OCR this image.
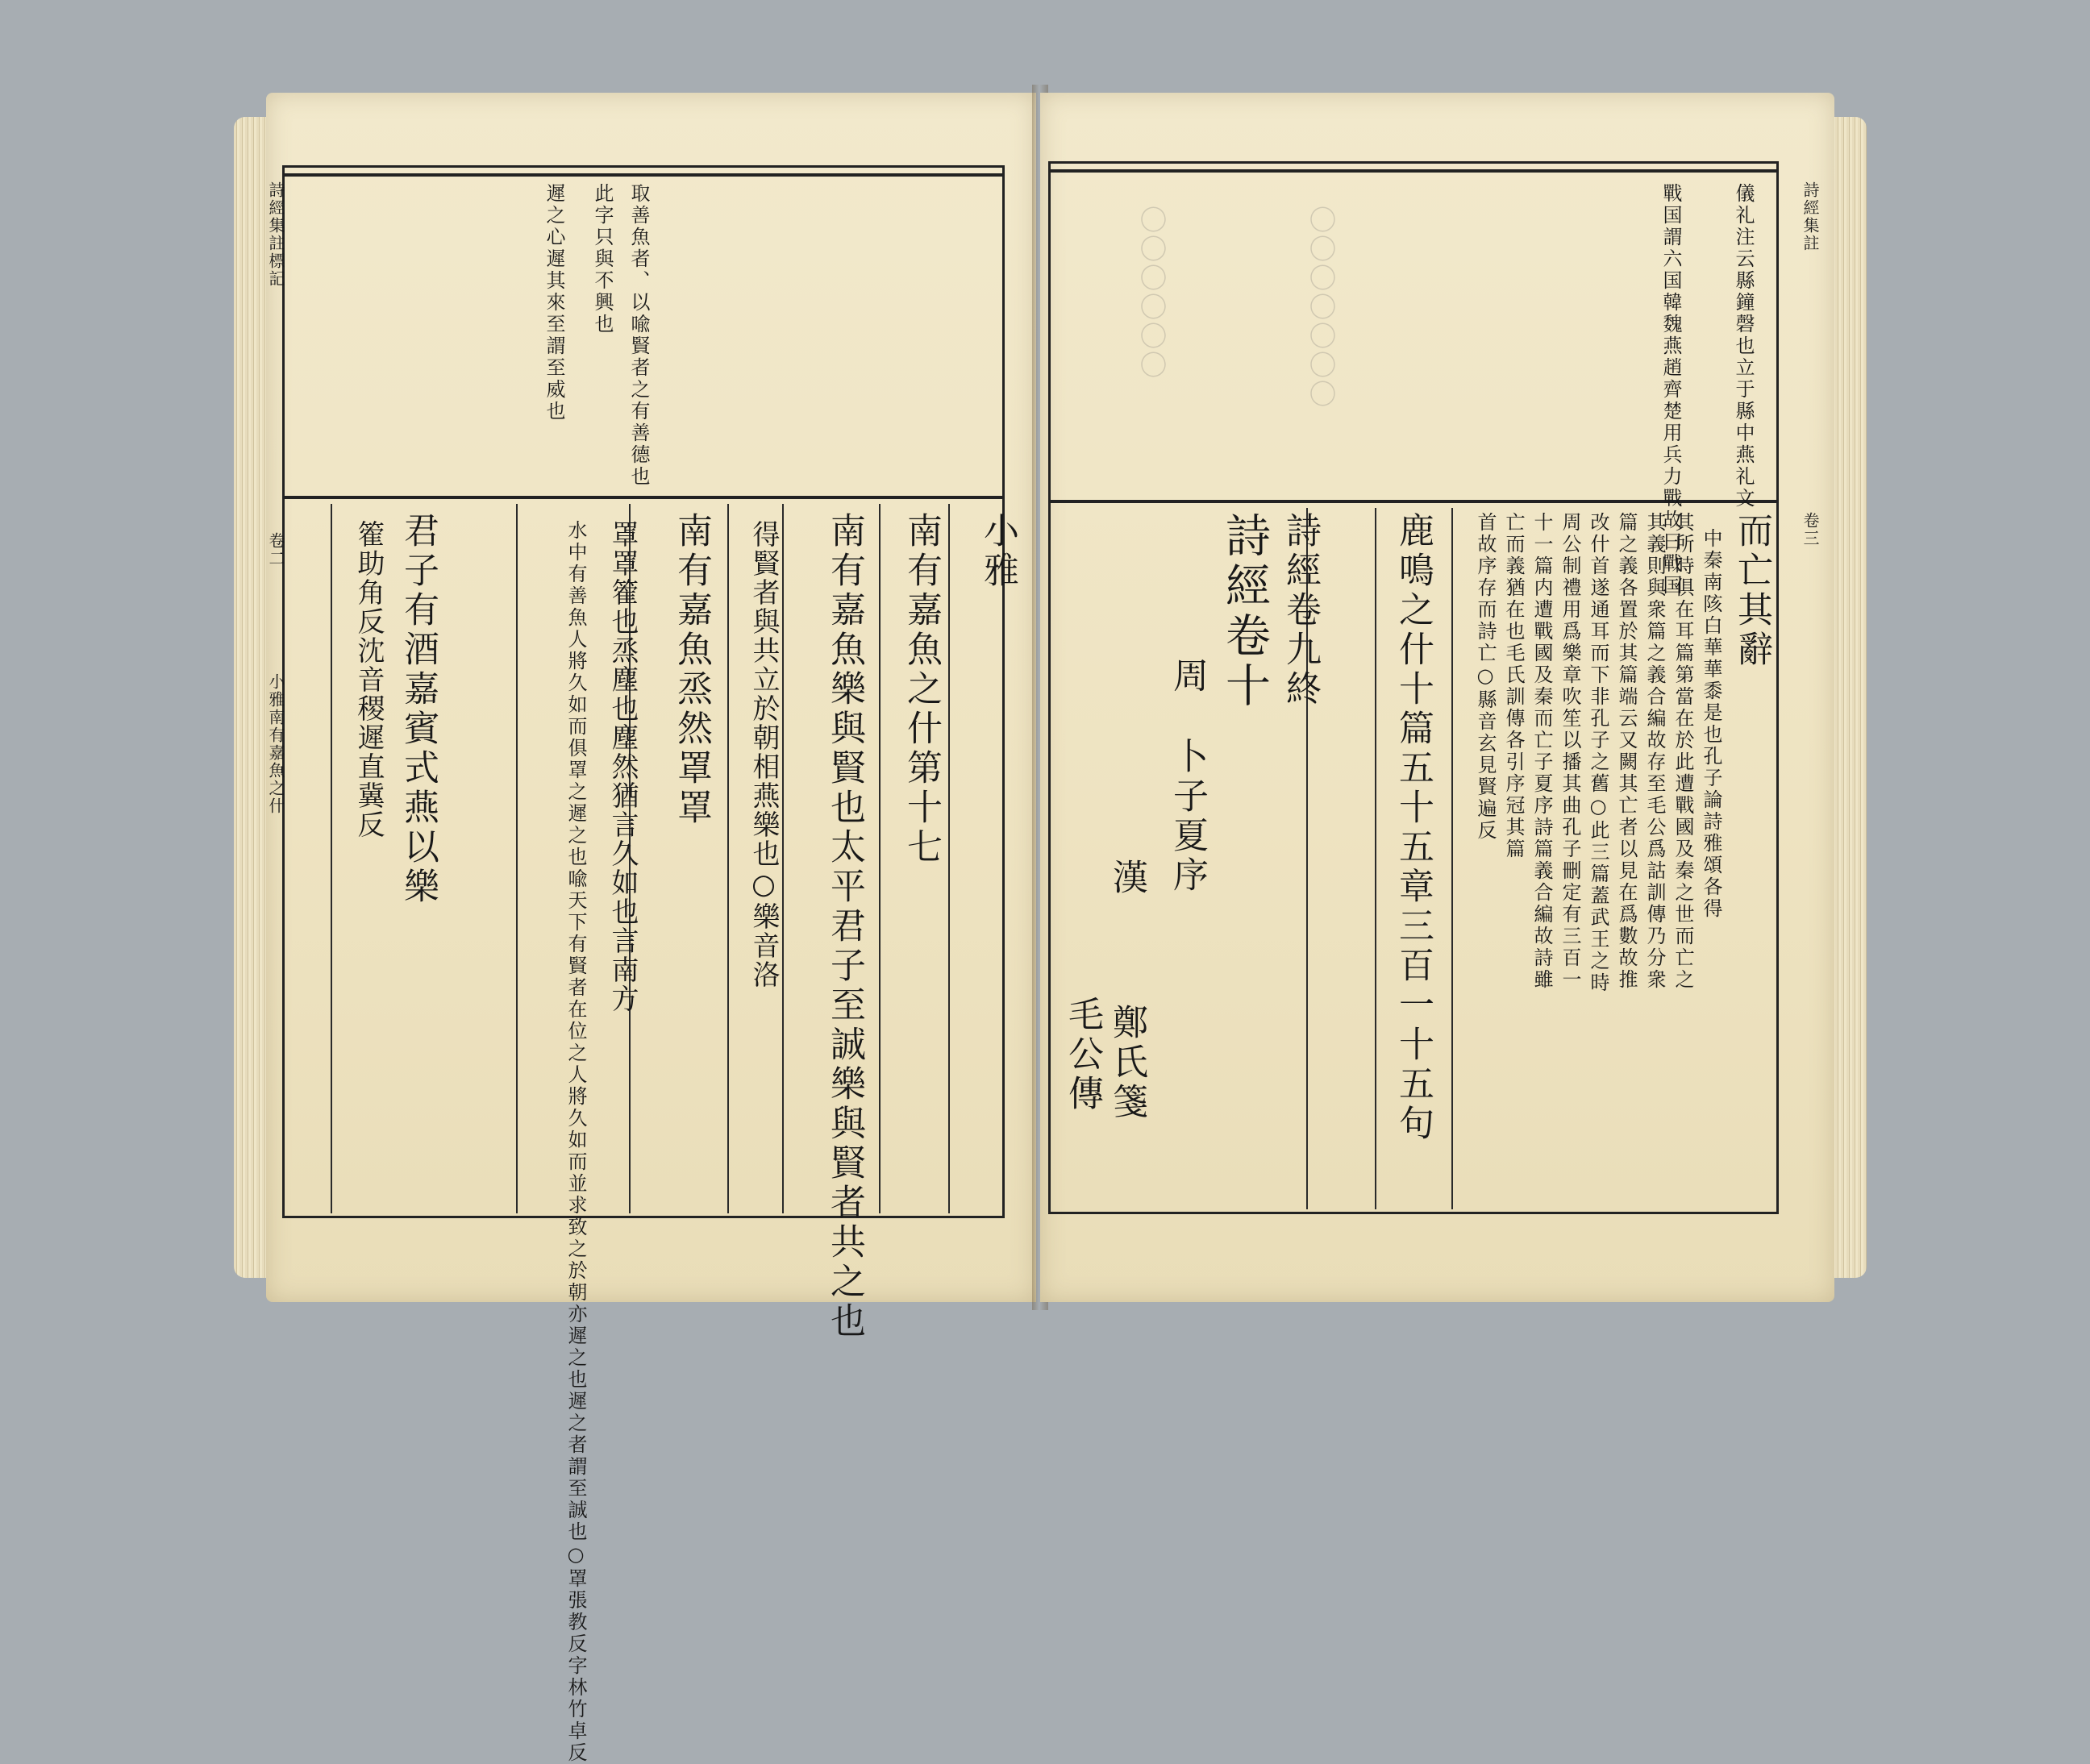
詩經集註標記
卷二
小雅南有嘉魚之什
取善魚者、以喩賢者之有善德也
此字只與不興也
遲之心遲其來至謂至威也
小雅
南有嘉魚之什第十七
南有嘉魚樂與賢也太平君子至誠樂與賢者共之也
得賢者與共立於朝相燕樂也○樂音洛
南有嘉魚烝然罩罩
水中有善魚人將久如而俱罩之遲之也喩天下有賢者在位之人將久如而並求致之於朝亦遲之也遲之者謂至誠也○罩張教反字林竹卓反 罩罩篧也烝塵也塵然猶言久如也言南方
君子有酒嘉賓式燕以樂
篧助角反沈音稷遲直冀反
詩經集註
卷三
儀礼注云縣鐘磬也立于縣中燕礼文
戰国謂六国韓魏燕趙齊楚用兵力戰故曰戰国
〇〇〇〇〇〇〇
〇〇〇〇〇〇
而亡其辭
中秦南陔白華華黍是也孔子論詩雅頌各得
其所時俱在耳篇第當在於此遭戰國及秦之世而亡之
其義則與衆篇之義合編故存至毛公爲詁訓傳乃分衆
篇之義各置於其篇端云又闕其亡者以見在爲數故推
改什首遂通耳而下非孔子之舊○此三篇蓋武王之時
周公制禮用爲樂章吹笙以播其曲孔子刪定有三百一
十一篇内遭戰國及秦而亡子夏序詩篇義合編故詩雖
亡而義猶在也毛氏訓傳各引序冠其篇
首故序存而詩亡○縣音玄見賢遍反
鹿鳴之什十篇五十五章三百一十五句
詩經卷九終
詩經卷十
周
卜子夏序
漢
毛公傳 鄭氏箋
